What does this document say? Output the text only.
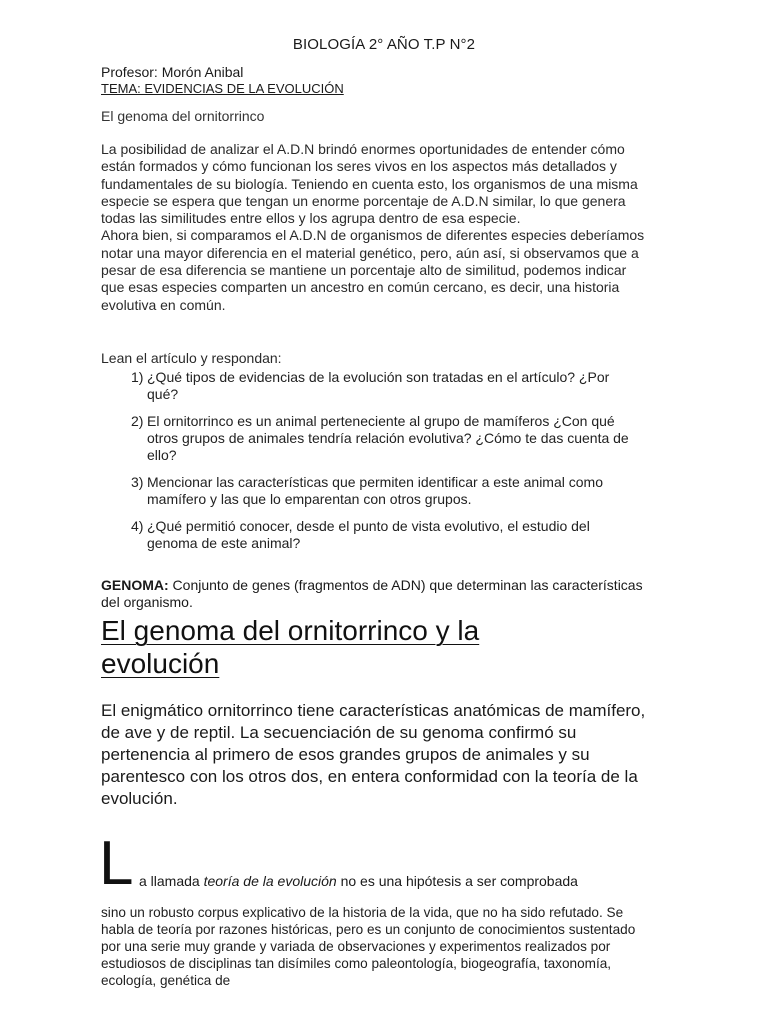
BIOLOGÍA 2° AÑO T.P N°2
Profesor: Morón Anibal
TEMA: EVIDENCIAS DE LA EVOLUCIÓN
El genoma del ornitorrinco

La posibilidad de analizar el A.D.N brindó enormes oportunidades de entender cómo están formados y cómo funcionan los seres vivos en los aspectos más detallados y fundamentales de su biología. Teniendo en cuenta esto, los organismos de una misma especie se espera que tengan un enorme porcentaje de A.D.N similar, lo que genera todas las similitudes entre ellos y los agrupa dentro de esa especie.

Ahora bien, si comparamos el A.D.N de organismos de diferentes especies deberíamos notar una mayor diferencia en el material genético, pero, aún así, si observamos que a pesar de esa diferencia se mantiene un porcentaje alto de similitud, podemos indicar que esas especies comparten un ancestro en común cercano, es decir, una historia evolutiva en común.

Lean el artículo y respondan:
1) ¿Qué tipos de evidencias de la evolución son tratadas en el artículo? ¿Por qué?
2) El ornitorrinco es un animal perteneciente al grupo de mamíferos ¿Con qué otros grupos de animales tendría relación evolutiva? ¿Cómo te das cuenta de ello?
3) Mencionar las características que permiten identificar a este animal como mamífero y las que lo emparentan con otros grupos.
4) ¿Qué permitió conocer, desde el punto de vista evolutivo, el estudio del genoma de este animal?
GENOMA: Conjunto de genes (fragmentos de ADN) que determinan las características del organismo.
El genoma del ornitorrinco y la
evolución
El enigmático ornitorrinco tiene características anatómicas de mamífero, de ave y de reptil. La secuenciación de su genoma confirmó su pertenencia al primero de esos grandes grupos de animales y su parentesco con los otros dos, en entera conformidad con la teoría de la evolución.
L a llamada teoría de la evolución no es una hipótesis a ser comprobada
sino un robusto corpus explicativo de la historia de la vida, que no ha sido refutado. Se habla de teoría por razones históricas, pero es un conjunto de conocimientos sustentado por una serie muy grande y variada de observaciones y experimentos realizados por estudiosos de disciplinas tan disímiles como paleontología, biogeografía, taxonomía, ecología, genética de
